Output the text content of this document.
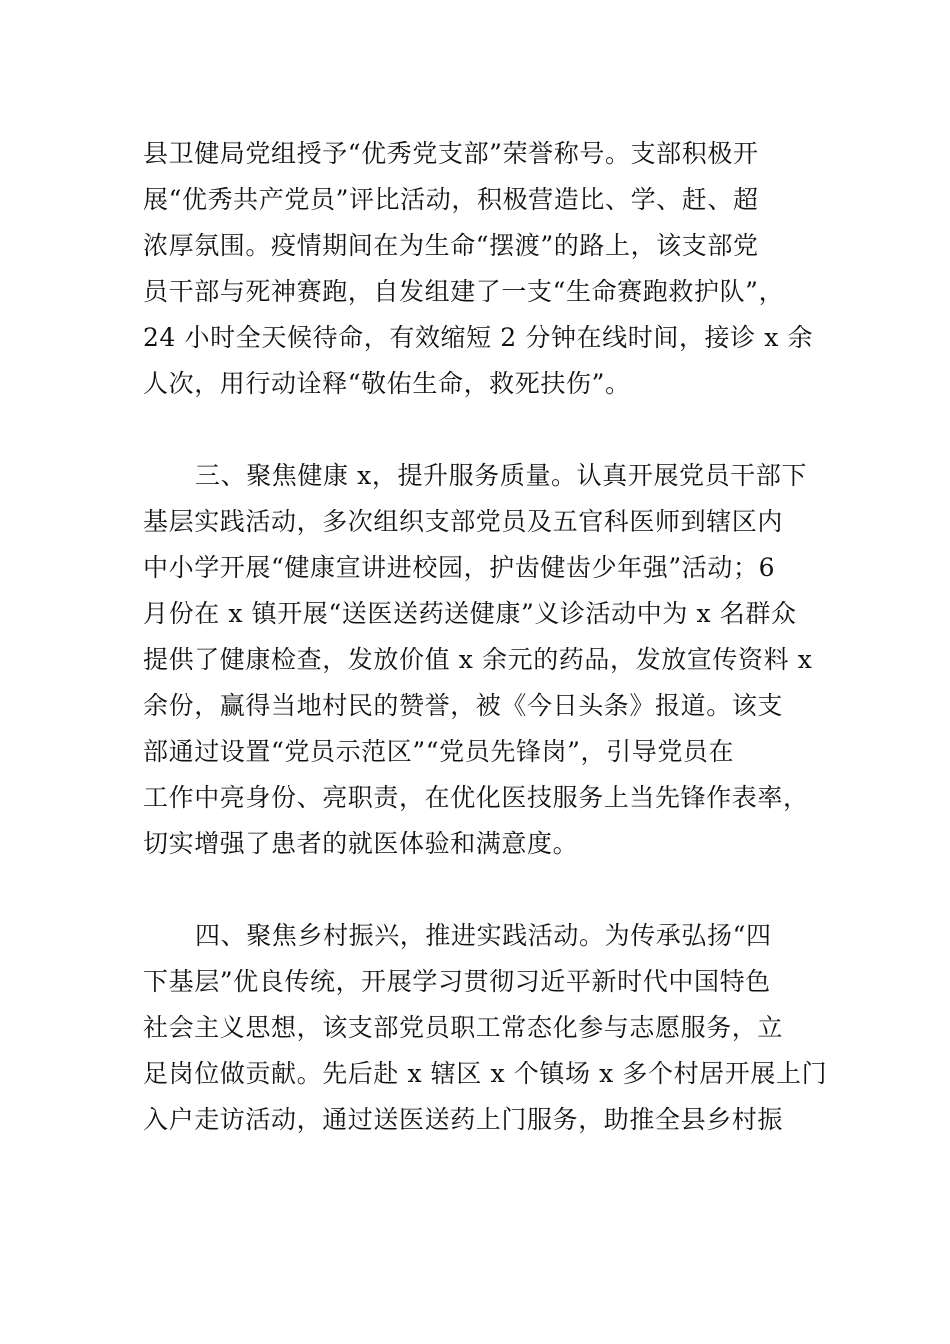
县卫健局党组授予“优秀党支部”荣誉称号。支部积极开
展“优秀共产党员”评比活动，积极营造比、学、赶、超
浓厚氛围。疫情期间在为生命“摆渡”的路上，该支部党
员干部与死神赛跑，自发组建了一支“生命赛跑救护队”，
24 小时全天候待命，有效缩短 2 分钟在线时间，接诊 x 余
人次，用行动诠释“敬佑生命，救死扶伤”。
三、聚焦健康 x，提升服务质量。认真开展党员干部下
基层实践活动，多次组织支部党员及五官科医师到辖区内
中小学开展“健康宣讲进校园，护齿健齿少年强”活动；6
月份在 x 镇开展“送医送药送健康”义诊活动中为 x 名群众
提供了健康检查，发放价值 x 余元的药品，发放宣传资料 x
余份，赢得当地村民的赞誉，被《今日头条》报道。该支
部通过设置“党员示范区”“党员先锋岗”，引导党员在
工作中亮身份、亮职责，在优化医技服务上当先锋作表率，
切实增强了患者的就医体验和满意度。
四、聚焦乡村振兴，推进实践活动。为传承弘扬“四
下基层”优良传统，开展学习贯彻习近平新时代中国特色
社会主义思想，该支部党员职工常态化参与志愿服务，立
足岗位做贡献。先后赴 x 辖区 x 个镇场 x 多个村居开展上门
入户走访活动，通过送医送药上门服务，助推全县乡村振
